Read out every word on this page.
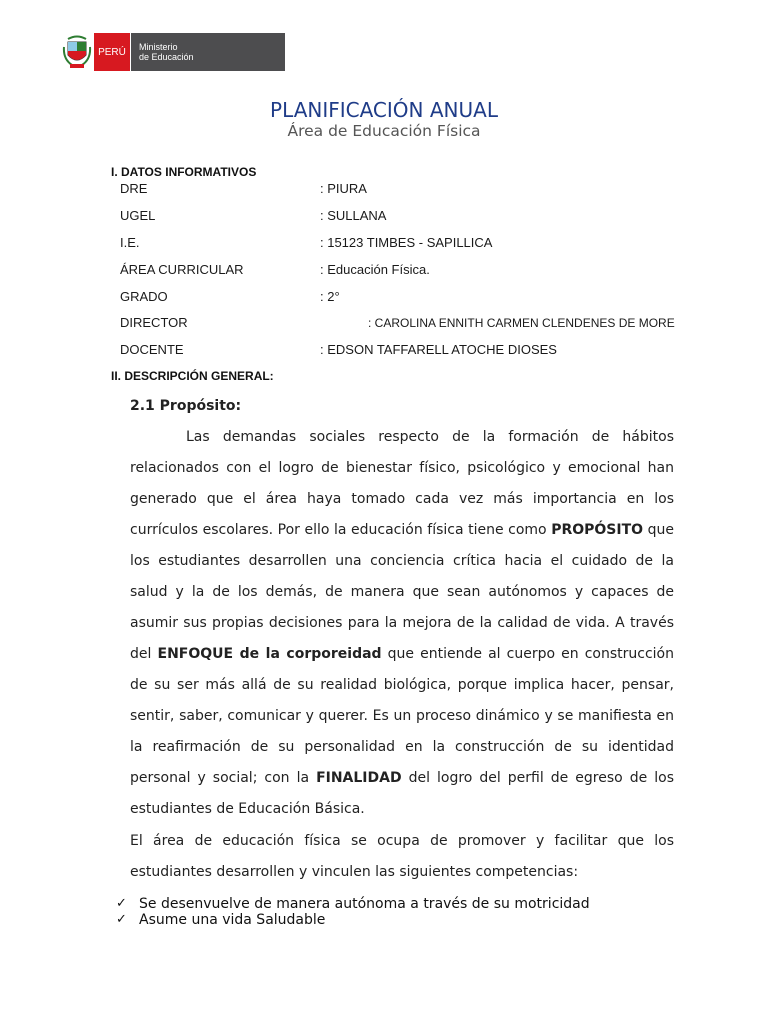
PERÚ	Ministerio
de Educación
PLANIFICACIÓN ANUAL
Área de Educación Física
I. DATOS INFORMATIVOS
DRE	: PIURA
UGEL	: SULLANA
I.E.	: 15123 TIMBES - SAPILLICA
ÁREA CURRICULAR	: Educación Física.
GRADO	: 2°
DIRECTOR	: CAROLINA ENNITH CARMEN CLENDENES DE MORE
DOCENTE	: EDSON TAFFARELL ATOCHE DIOSES
II. DESCRIPCIÓN GENERAL:
2.1 Propósito:

Las demandas sociales respecto de la formación de hábitos relacionados con el logro de bienestar físico, psicológico y emocional han generado que el área haya tomado cada vez más importancia en los currículos escolares. Por ello la educación física tiene como PROPÓSITO que los estudiantes desarrollen una conciencia crítica hacia el cuidado de la salud y la de los demás, de manera que sean autónomos y capaces de asumir sus propias decisiones para la mejora de la calidad de vida. A través del ENFOQUE de la corporeidad que entiende al cuerpo en construcción de su ser más allá de su realidad biológica, porque implica hacer, pensar, sentir, saber, comunicar y querer. Es un proceso dinámico y se manifiesta en la reafirmación de su personalidad en la construcción de su identidad personal y social; con la FINALIDAD del logro del perfil de egreso de los estudiantes de Educación Básica.

El área de educación física se ocupa de promover y facilitar que los estudiantes desarrollen y vinculen las siguientes competencias:

✓ Se desenvuelve de manera autónoma a través de su motricidad
✓ Asume una vida Saludable
